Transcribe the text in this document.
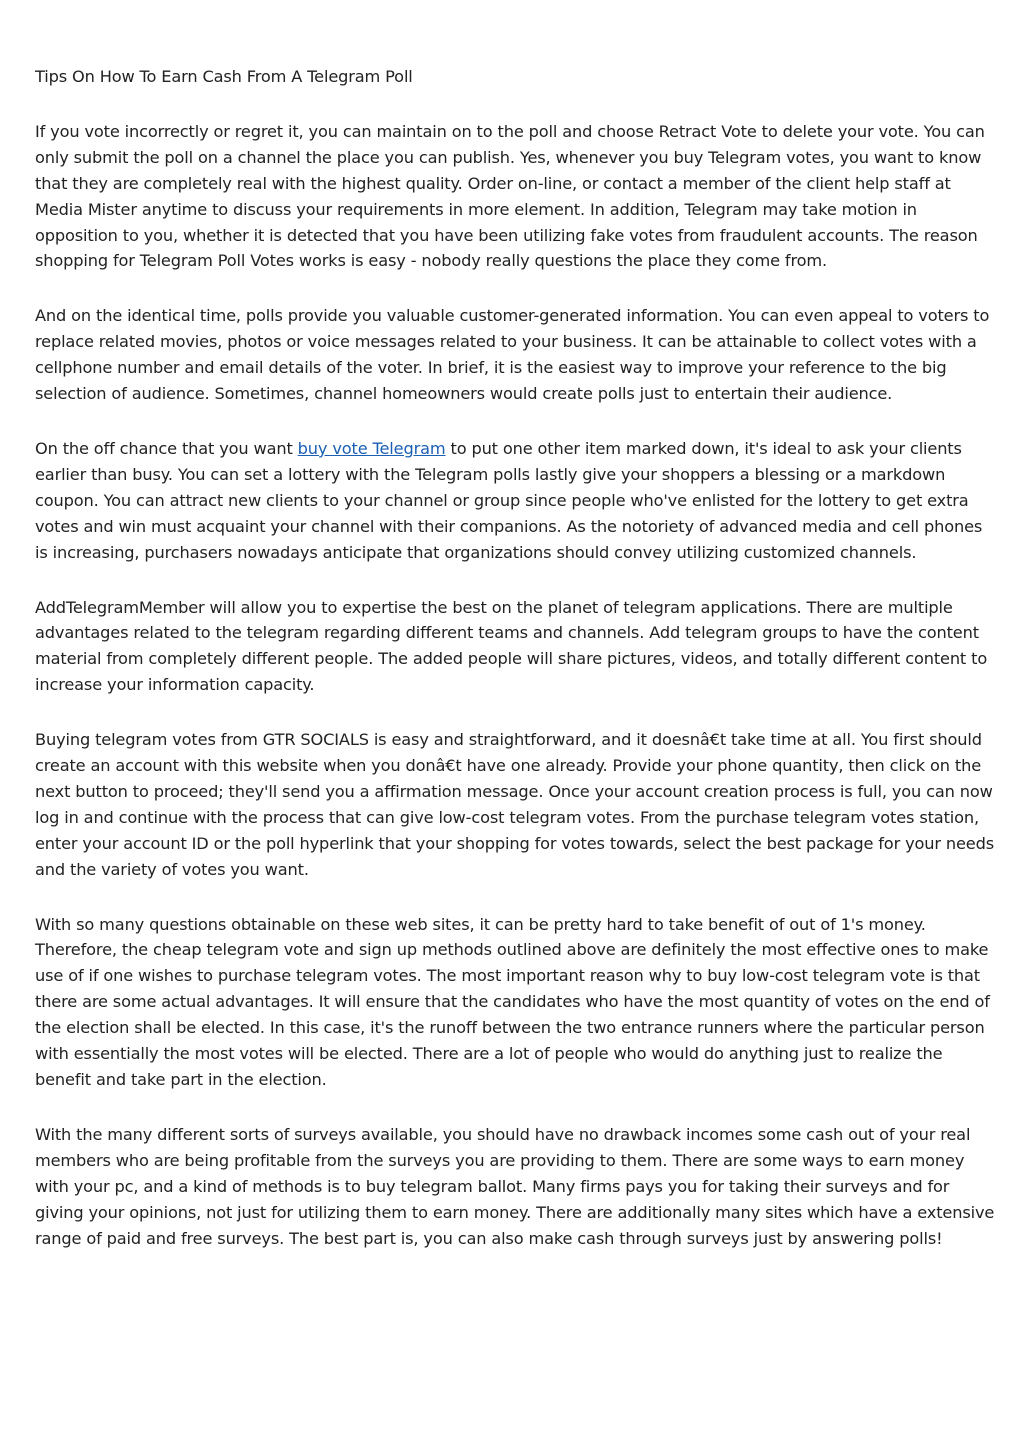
Tips On How To Earn Cash From A Telegram Poll

If you vote incorrectly or regret it, you can maintain on to the poll and choose Retract Vote to delete your vote. You can only submit the poll on a channel the place you can publish. Yes, whenever you buy Telegram votes, you want to know that they are completely real with the highest quality. Order on-line, or contact a member of the client help staff at Media Mister anytime to discuss your requirements in more element. In addition, Telegram may take motion in opposition to you, whether it is detected that you have been utilizing fake votes from fraudulent accounts. The reason shopping for Telegram Poll Votes works is easy - nobody really questions the place they come from.

And on the identical time, polls provide you valuable customer-generated information. You can even appeal to voters to replace related movies, photos or voice messages related to your business. It can be attainable to collect votes with a cellphone number and email details of the voter. In brief, it is the easiest way to improve your reference to the big selection of audience. Sometimes, channel homeowners would create polls just to entertain their audience.

On the off chance that you want buy vote Telegram to put one other item marked down, it's ideal to ask your clients earlier than busy. You can set a lottery with the Telegram polls lastly give your shoppers a blessing or a markdown coupon. You can attract new clients to your channel or group since people who've enlisted for the lottery to get extra votes and win must acquaint your channel with their companions. As the notoriety of advanced media and cell phones is increasing, purchasers nowadays anticipate that organizations should convey utilizing customized channels.

AddTelegramMember will allow you to expertise the best on the planet of telegram applications. There are multiple advantages related to the telegram regarding different teams and channels. Add telegram groups to have the content material from completely different people. The added people will share pictures, videos, and totally different content to increase your information capacity.

Buying telegram votes from GTR SOCIALS is easy and straightforward, and it doesnâ€t take time at all. You first should create an account with this website when you donâ€t have one already. Provide your phone quantity, then click on the next button to proceed; they'll send you a affirmation message. Once your account creation process is full, you can now log in and continue with the process that can give low-cost telegram votes. From the purchase telegram votes station, enter your account ID or the poll hyperlink that your shopping for votes towards, select the best package for your needs and the variety of votes you want.

With so many questions obtainable on these web sites, it can be pretty hard to take benefit of out of 1's money. Therefore, the cheap telegram vote and sign up methods outlined above are definitely the most effective ones to make use of if one wishes to purchase telegram votes. The most important reason why to buy low-cost telegram vote is that there are some actual advantages. It will ensure that the candidates who have the most quantity of votes on the end of the election shall be elected. In this case, it's the runoff between the two entrance runners where the particular person with essentially the most votes will be elected. There are a lot of people who would do anything just to realize the benefit and take part in the election.

With the many different sorts of surveys available, you should have no drawback incomes some cash out of your real members who are being profitable from the surveys you are providing to them. There are some ways to earn money with your pc, and a kind of methods is to buy telegram ballot. Many firms pays you for taking their surveys and for giving your opinions, not just for utilizing them to earn money. There are additionally many sites which have a extensive range of paid and free surveys. The best part is, you can also make cash through surveys just by answering polls!
